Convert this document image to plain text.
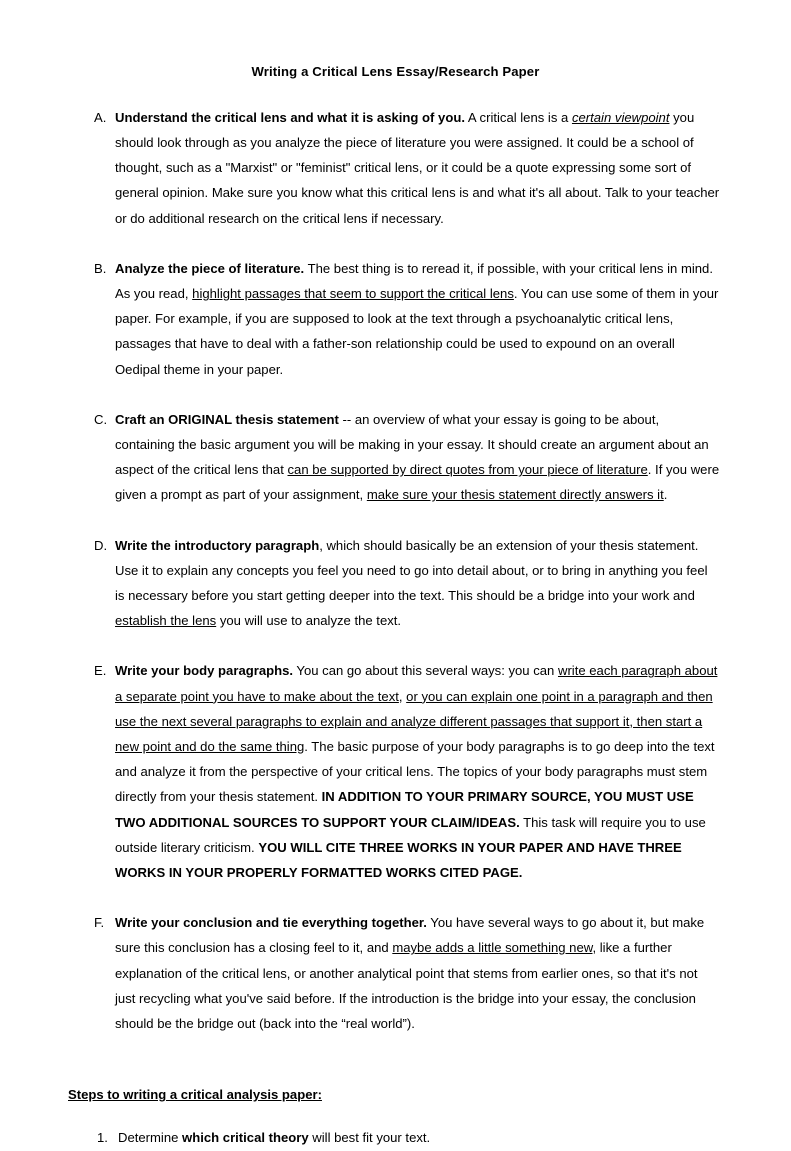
Writing a Critical Lens Essay/Research Paper
A. Understand the critical lens and what it is asking of you. A critical lens is a certain viewpoint you should look through as you analyze the piece of literature you were assigned. It could be a school of thought, such as a "Marxist" or "feminist" critical lens, or it could be a quote expressing some sort of general opinion. Make sure you know what this critical lens is and what it's all about. Talk to your teacher or do additional research on the critical lens if necessary.
B. Analyze the piece of literature. The best thing is to reread it, if possible, with your critical lens in mind. As you read, highlight passages that seem to support the critical lens. You can use some of them in your paper. For example, if you are supposed to look at the text through a psychoanalytic critical lens, passages that have to deal with a father-son relationship could be used to expound on an overall Oedipal theme in your paper.
C. Craft an ORIGINAL thesis statement -- an overview of what your essay is going to be about, containing the basic argument you will be making in your essay. It should create an argument about an aspect of the critical lens that can be supported by direct quotes from your piece of literature. If you were given a prompt as part of your assignment, make sure your thesis statement directly answers it.
D. Write the introductory paragraph, which should basically be an extension of your thesis statement. Use it to explain any concepts you feel you need to go into detail about, or to bring in anything you feel is necessary before you start getting deeper into the text. This should be a bridge into your work and establish the lens you will use to analyze the text.
E. Write your body paragraphs. You can go about this several ways: you can write each paragraph about a separate point you have to make about the text, or you can explain one point in a paragraph and then use the next several paragraphs to explain and analyze different passages that support it, then start a new point and do the same thing. The basic purpose of your body paragraphs is to go deep into the text and analyze it from the perspective of your critical lens. The topics of your body paragraphs must stem directly from your thesis statement. IN ADDITION TO YOUR PRIMARY SOURCE, YOU MUST USE TWO ADDITIONAL SOURCES TO SUPPORT YOUR CLAIM/IDEAS. This task will require you to use outside literary criticism. YOU WILL CITE THREE WORKS IN YOUR PAPER AND HAVE THREE WORKS IN YOUR PROPERLY FORMATTED WORKS CITED PAGE.
F. Write your conclusion and tie everything together. You have several ways to go about it, but make sure this conclusion has a closing feel to it, and maybe adds a little something new, like a further explanation of the critical lens, or another analytical point that stems from earlier ones, so that it's not just recycling what you've said before. If the introduction is the bridge into your essay, the conclusion should be the bridge out (back into the “real world”).
Steps to writing a critical analysis paper:
1. Determine which critical theory will best fit your text.
